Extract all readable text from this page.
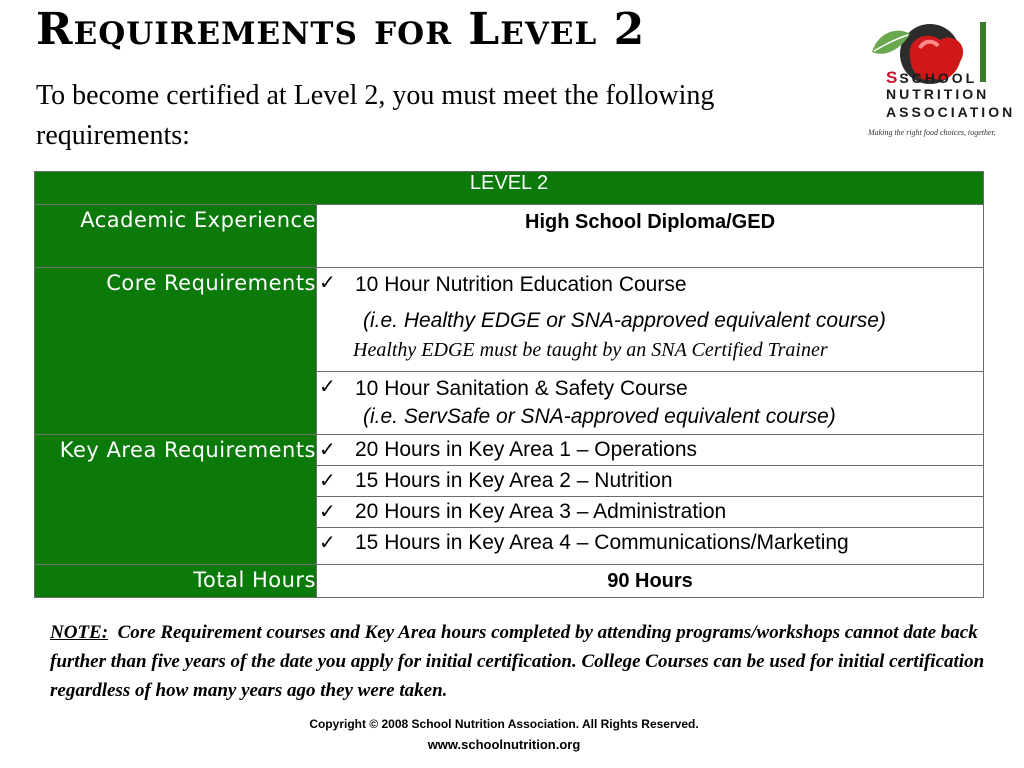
Requirements for Level 2
To become certified at Level 2, you must meet the following requirements:
SSCHOOL
NUTRITION
ASSOCIATION
Making the right food choices, together.
LEVEL 2	
Academic Experience	High School Diploma/GED
Core Requirements	✓ 10 Hour Nutrition Education Course
(i.e. Healthy EDGE or SNA-approved equivalent course)
Healthy EDGE must be taught by an SNA Certified Trainer

	✓ 10 Hour Sanitation & Safety Course
(i.e. ServSafe or SNA-approved equivalent course)

Key Area Requirements	✓ 20 Hours in Key Area 1 – Operations

	✓ 15 Hours in Key Area 2 – Nutrition

	✓ 20 Hours in Key Area 3 – Administration

	✓ 15 Hours in Key Area 4 – Communications/Marketing

Total Hours	90 Hours
NOTE: Core Requirement courses and Key Area hours completed by attending programs/workshops cannot date back further than five years of the date you apply for initial certification. College Courses can be used for initial certification regardless of how many years ago they were taken.
Copyright © 2008 School Nutrition Association. All Rights Reserved.
www.schoolnutrition.org
